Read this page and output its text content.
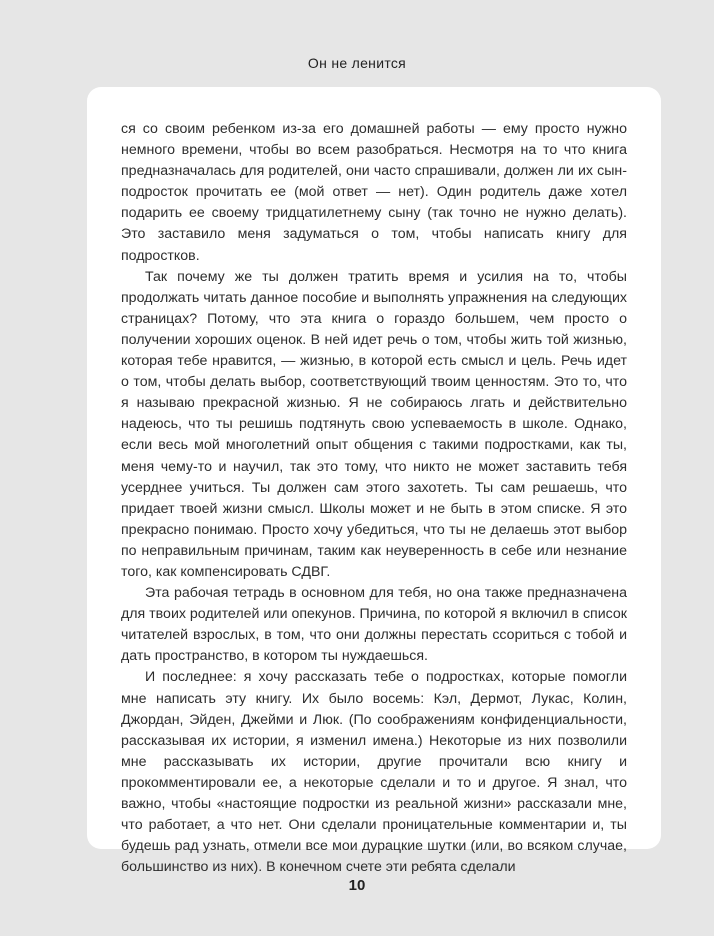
Он не ленится

ся со своим ребенком из-за его домашней работы — ему просто нужно немного времени, чтобы во всем разобраться. Несмотря на то что книга предназначалась для родителей, они часто спрашивали, должен ли их сын-подросток прочитать ее (мой ответ — нет). Один родитель даже хотел подарить ее своему тридцатилетнему сыну (так точно не нужно делать). Это заставило меня задуматься о том, чтобы написать книгу для подростков.

Так почему же ты должен тратить время и усилия на то, чтобы продолжать читать данное пособие и выполнять упражнения на следующих страницах? Потому, что эта книга о гораздо большем, чем просто о получении хороших оценок. В ней идет речь о том, чтобы жить той жизнью, которая тебе нравится, — жизнью, в которой есть смысл и цель. Речь идет о том, чтобы делать выбор, соответствующий твоим ценностям. Это то, что я называю прекрасной жизнью. Я не собираюсь лгать и действительно надеюсь, что ты решишь подтянуть свою успеваемость в школе. Однако, если весь мой многолетний опыт общения с такими подростками, как ты, меня чему-то и научил, так это тому, что никто не может заставить тебя усерднее учиться. Ты должен сам этого захотеть. Ты сам решаешь, что придает твоей жизни смысл. Школы может и не быть в этом списке. Я это прекрасно понимаю. Просто хочу убедиться, что ты не делаешь этот выбор по неправильным причинам, таким как неуверенность в себе или незнание того, как компенсировать СДВГ.

Эта рабочая тетрадь в основном для тебя, но она также предназначена для твоих родителей или опекунов. Причина, по которой я включил в список читателей взрослых, в том, что они должны перестать ссориться с тобой и дать пространство, в котором ты нуждаешься.

И последнее: я хочу рассказать тебе о подростках, которые помогли мне написать эту книгу. Их было восемь: Кэл, Дермот, Лукас, Колин, Джордан, Эйден, Джейми и Люк. (По соображениям конфиденциальности, рассказывая их истории, я изменил имена.) Некоторые из них позволили мне рассказывать их истории, другие прочитали всю книгу и прокомментировали ее, а некоторые сделали и то и другое. Я знал, что важно, чтобы «настоящие подростки из реальной жизни» рассказали мне, что работает, а что нет. Они сделали проницательные комментарии и, ты будешь рад узнать, отмели все мои дурацкие шутки (или, во всяком случае, большинство из них). В конечном счете эти ребята сделали

10
